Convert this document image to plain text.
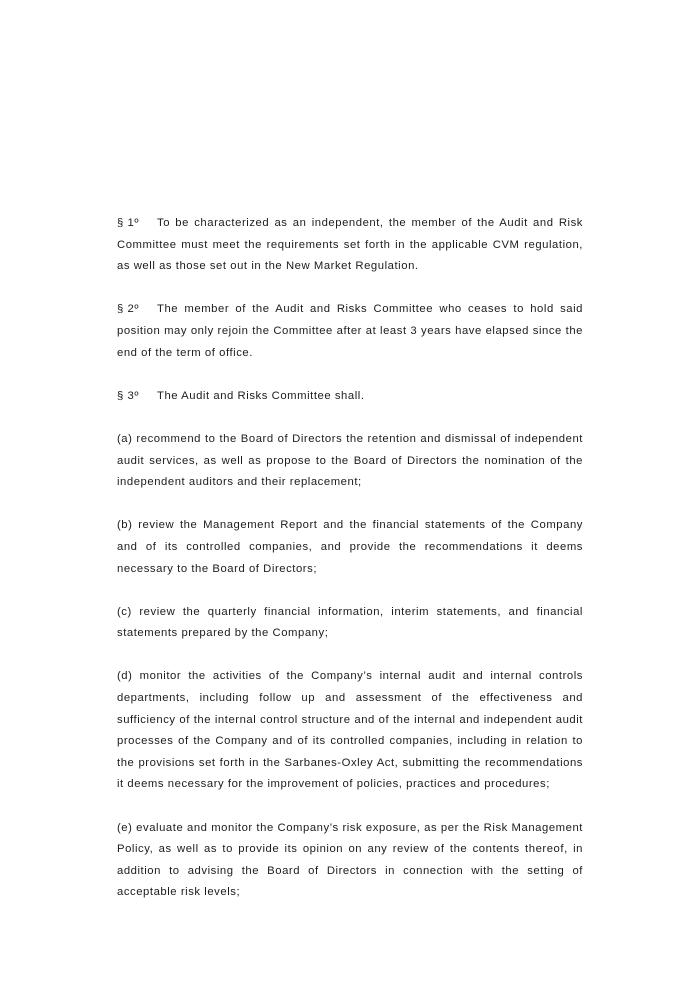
§ 1º To be characterized as an independent, the member of the Audit and Risk Committee must meet the requirements set forth in the applicable CVM regulation, as well as those set out in the New Market Regulation.

§ 2º The member of the Audit and Risks Committee who ceases to hold said position may only rejoin the Committee after at least 3 years have elapsed since the end of the term of office.

§ 3º The Audit and Risks Committee shall.

(a) recommend to the Board of Directors the retention and dismissal of independent audit services, as well as propose to the Board of Directors the nomination of the independent auditors and their replacement;

(b) review the Management Report and the financial statements of the Company and of its controlled companies, and provide the recommendations it deems necessary to the Board of Directors;

(c) review the quarterly financial information, interim statements, and financial statements prepared by the Company;

(d) monitor the activities of the Company’s internal audit and internal controls departments, including follow up and assessment of the effectiveness and sufficiency of the internal control structure and of the internal and independent audit processes of the Company and of its controlled companies, including in relation to the provisions set forth in the Sarbanes-Oxley Act, submitting the recommendations it deems necessary for the improvement of policies, practices and procedures;

(e) evaluate and monitor the Company’s risk exposure, as per the Risk Management Policy, as well as to provide its opinion on any review of the contents thereof, in addition to advising the Board of Directors in connection with the setting of acceptable risk levels;
